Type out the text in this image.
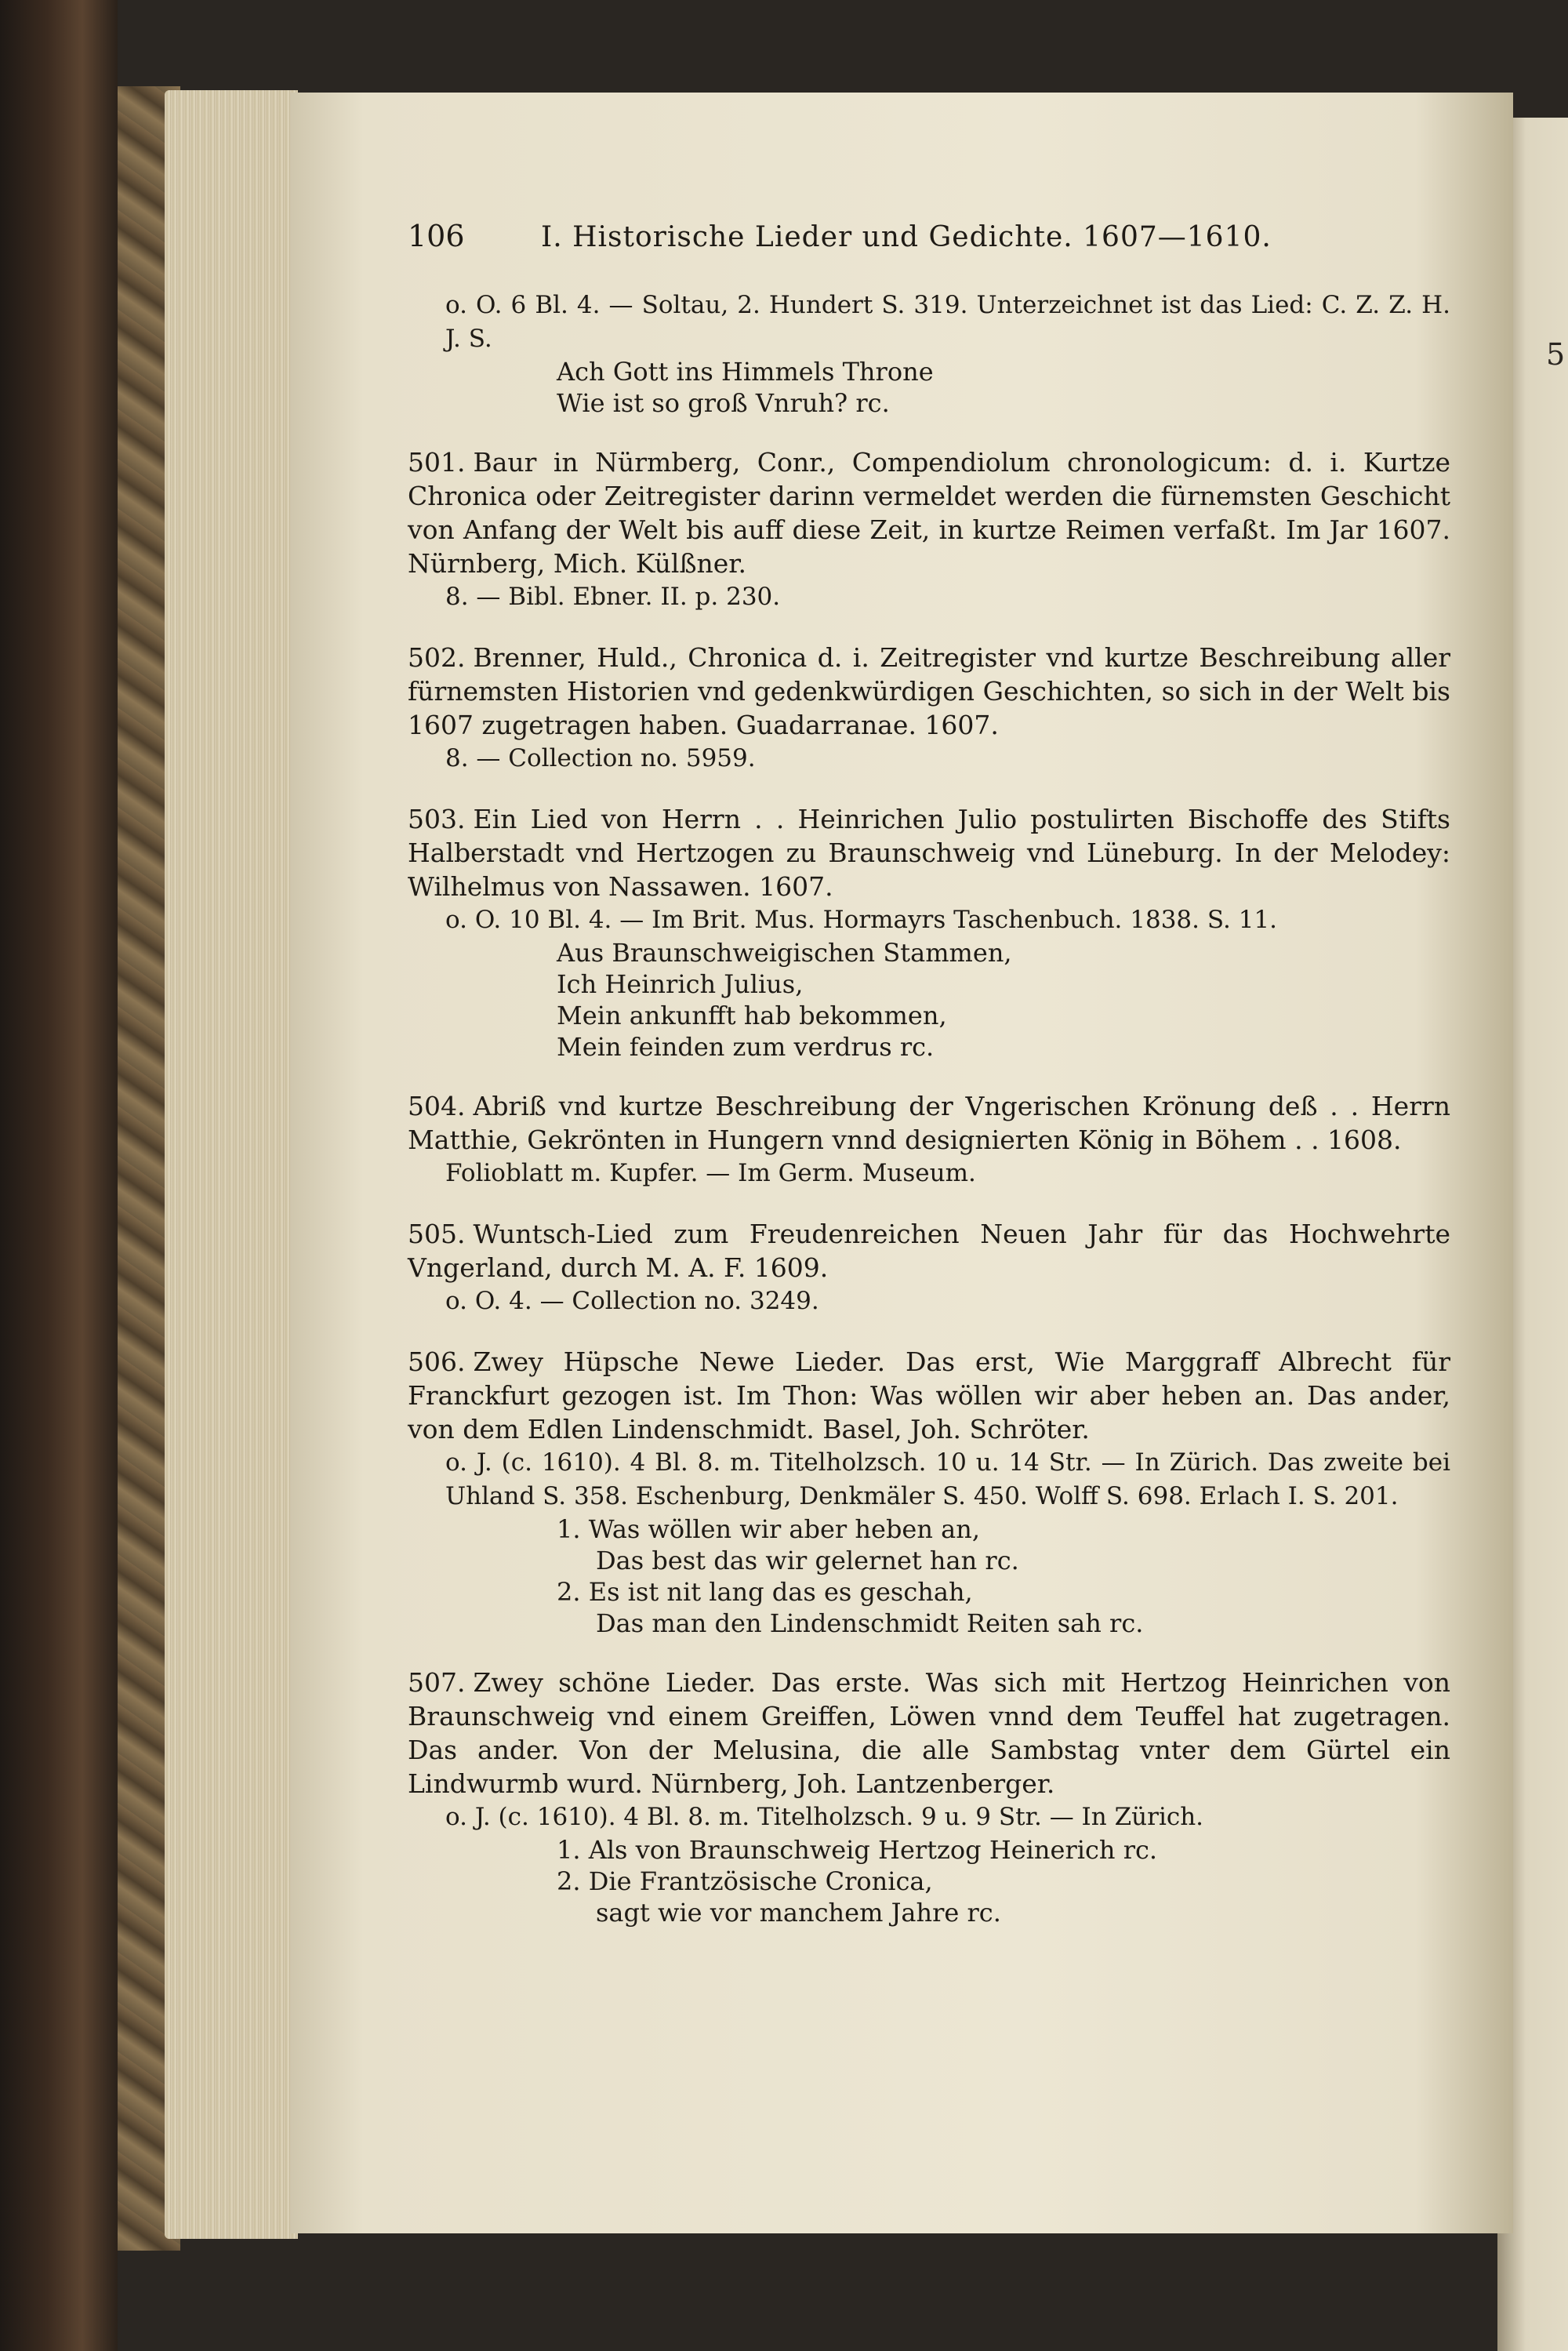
5
106	I. Historische Lieder und Gedichte. 1607—1610.

o. O. 6 Bl. 4. — Soltau, 2. Hundert S. 319. Unterzeichnet ist das Lied: C. Z. Z. H. J. S.

Ach Gott ins Himmels Throne

Wie ist so groß Vnruh? rc.

501. Baur in Nürmberg, Conr., Compendiolum chronologicum: d. i. Kurtze Chronica oder Zeitregister darinn vermeldet werden die fürnemsten Geschicht von Anfang der Welt bis auff diese Zeit, in kurtze Reimen verfaßt. Im Jar 1607. Nürnberg, Mich. Külßner.

8. — Bibl. Ebner. II. p. 230.

502. Brenner, Huld., Chronica d. i. Zeitregister vnd kurtze Beschreibung aller fürnemsten Historien vnd gedenkwürdigen Geschichten, so sich in der Welt bis 1607 zugetragen haben. Guadarranae. 1607.

8. — Collection no. 5959.

503. Ein Lied von Herrn . . Heinrichen Julio postulirten Bischoffe des Stifts Halberstadt vnd Hertzogen zu Braunschweig vnd Lüneburg. In der Melodey: Wilhelmus von Nassawen. 1607.

o. O. 10 Bl. 4. — Im Brit. Mus. Hormayrs Taschenbuch. 1838. S. 11.

Aus Braunschweigischen Stammen,

Ich Heinrich Julius,

Mein ankunfft hab bekommen,

Mein feinden zum verdrus rc.

504. Abriß vnd kurtze Beschreibung der Vngerischen Krönung deß . . Herrn Matthie, Gekrönten in Hungern vnnd designierten König in Böhem . . 1608.

Folioblatt m. Kupfer. — Im Germ. Museum.

505. Wuntsch-Lied zum Freudenreichen Neuen Jahr für das Hochwehrte Vngerland, durch M. A. F. 1609.

o. O. 4. — Collection no. 3249.

506. Zwey Hüpsche Newe Lieder. Das erst, Wie Marggraff Albrecht für Franckfurt gezogen ist. Im Thon: Was wöllen wir aber heben an. Das ander, von dem Edlen Lindenschmidt. Basel, Joh. Schröter.

o. J. (c. 1610). 4 Bl. 8. m. Titelholzsch. 10 u. 14 Str. — In Zürich. Das zweite bei Uhland S. 358. Eschenburg, Denkmäler S. 450. Wolff S. 698. Erlach I. S. 201.

1. Was wöllen wir aber heben an,

Das best das wir gelernet han rc.

2. Es ist nit lang das es geschah,

Das man den Lindenschmidt Reiten sah rc.

507. Zwey schöne Lieder. Das erste. Was sich mit Hertzog Heinrichen von Braunschweig vnd einem Greiffen, Löwen vnnd dem Teuffel hat zugetragen. Das ander. Von der Melusina, die alle Sambstag vnter dem Gürtel ein Lindwurmb wurd. Nürnberg, Joh. Lantzenberger.

o. J. (c. 1610). 4 Bl. 8. m. Titelholzsch. 9 u. 9 Str. — In Zürich.

1. Als von Braunschweig Hertzog Heinerich rc.

2. Die Frantzösische Cronica,

sagt wie vor manchem Jahre rc.
